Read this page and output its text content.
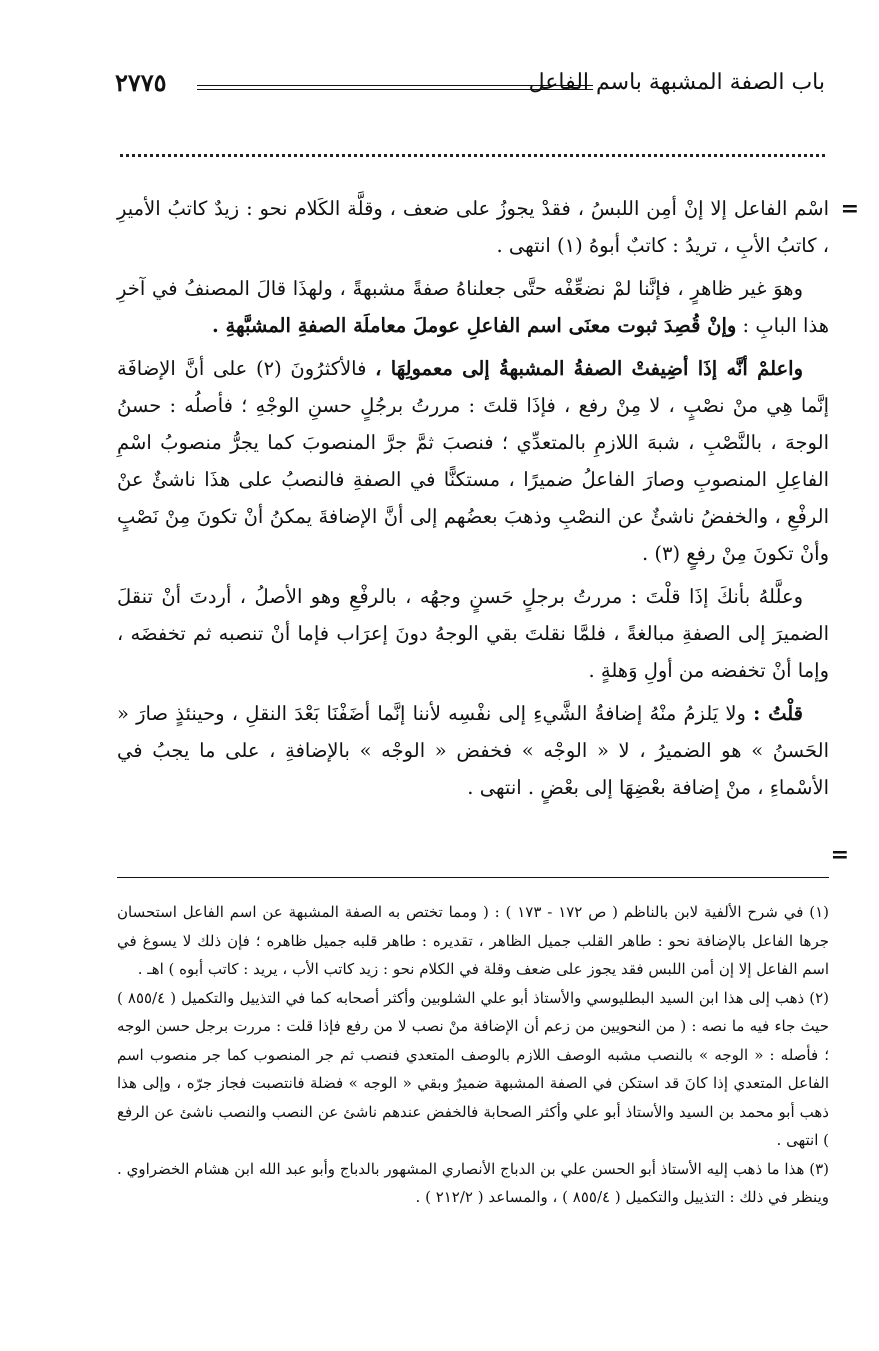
باب الصفة المشبهة باسم الفاعل
٢٧٧٥
=
=

اسْم الفاعل إلا إنْ أمِن اللبسُ ، فقدْ يجوزُ على ضعف ، وقلَّة الكَلام نحو : زيدٌ كاتبُ الأميرِ ، كاتبُ الأبِ ، تريدُ : كاتبٌ أبوهُ (١) انتهى .

وهوَ غير ظاهرٍ ، فإنَّنا لمْ نضعِّفْه حتَّى جعلناهُ صفةً مشبهةً ، ولهذَا قالَ المصنفُ في آخرِ هذا البابِ : وإنْ قُصِدَ ثبوت معنَى اسم الفاعلِ عوملَ معاملَة الصفةِ المشبَّهةِ .

واعلمْ أنَّه إذَا أضِيفتْ الصفةُ المشبهةُ إلى معمولِهَا ، فالأكثرُونَ (٢) على أنَّ الإضافَة إنَّما هِي منْ نصْبٍ ، لا مِنْ رفع ، فإذَا قلتَ : مررتُ برجُلٍ حسنِ الوجْهِ ؛ فأصلُه : حسنُ الوجهَ ، بالنَّصْبِ ، شبهَ اللازمِ بالمتعدِّي ؛ فنصبَ ثمَّ جرَّ المنصوبَ كما يجرُّ منصوبُ اسْمِ الفاعِلِ المنصوبِ وصارَ الفاعلُ ضميرًا ، مستكنًّا في الصفةِ فالنصبُ على هذَا ناشئٌ عنْ الرفْعِ ، والخفضُ ناشئٌ عن النصْبِ وذهبَ بعضُهم إلى أنَّ الإضافةَ يمكنُ أنْ تكونَ مِنْ نَصْبٍ وأنْ تكونَ مِنْ رفعٍ (٣) .

وعلَّلهُ بأنكَ إذَا قلْتَ : مررتُ برجلٍ حَسنٍ وجهُه ، بالرفْعِ وهو الأصلُ ، أردتَ أنْ تنقلَ الضميرَ إلى الصفةِ مبالغةً ، فلمَّا نقلتَ بقي الوجهُ دونَ إعرَاب فإما أنْ تنصبه ثم تخفضَه ، وإما أنْ تخفضه من أولِ وَهلةٍ .

قلْتُ : ولا يَلزمُ منْهُ إضافةُ الشَّيءِ إلى نفْسِه لأننا إنَّما أضَفْنَا بَعْدَ النقلِ ، وحينئذٍ صارَ « الحَسنُ » هو الضميرُ ، لا « الوجْه » فخفض « الوجْه » بالإضافةِ ، على ما يجبُ في الأسْماءِ ، منْ إضافة بعْضِهَا إلى بعْضٍ . انتهى .

(١) في شرح الألفية لابن بالناظم ( ص ١٧٢ - ١٧٣ ) : ( ومما تختص به الصفة المشبهة عن اسم الفاعل استحسان جرها الفاعل بالإضافة نحو : طاهر القلب جميل الظاهر ، تقديره : طاهر قلبه جميل ظاهره ؛ فإن ذلك لا يسوغ في اسم الفاعل إلا إن أمن اللبس فقد يجوز على ضعف وقلة في الكلام نحو : زيد كاتب الأب ، يريد : كاتب أبوه ) اهـ .

(٢) ذهب إلى هذا ابن السيد البطليوسي والأستاذ أبو علي الشلوبين وأكثر أصحابه كما في التذييل والتكميل ( ٨٥٥/٤ ) حيث جاء فيه ما نصه : ( من النحويين من زعم أن الإضافة منْ نصب لا من رفع فإذا قلت : مررت برجل حسن الوجه ؛ فأصله : « الوجه » بالنصب مشبه الوصف اللازم بالوصف المتعدي فنصب ثم جر المنصوب كما جر منصوب اسم الفاعل المتعدي إذا كانَ قد استكن في الصفة المشبهة ضميرٌ وبقي « الوجه » فضلة فانتصبت فجاز جرّه ، وإلى هذا ذهب أبو محمد بن السيد والأستاذ أبو علي وأكثر الصحابة فالخفض عندهم ناشئ عن النصب والنصب ناشئ عن الرفع ) انتهى .

(٣) هذا ما ذهب إليه الأستاذ أبو الحسن علي بن الدباج الأنصاري المشهور بالدباج وأبو عبد الله ابن هشام الخضراوي . وينظر في ذلك : التذييل والتكميل ( ٨٥٥/٤ ) ، والمساعد ( ٢١٢/٢ ) .
